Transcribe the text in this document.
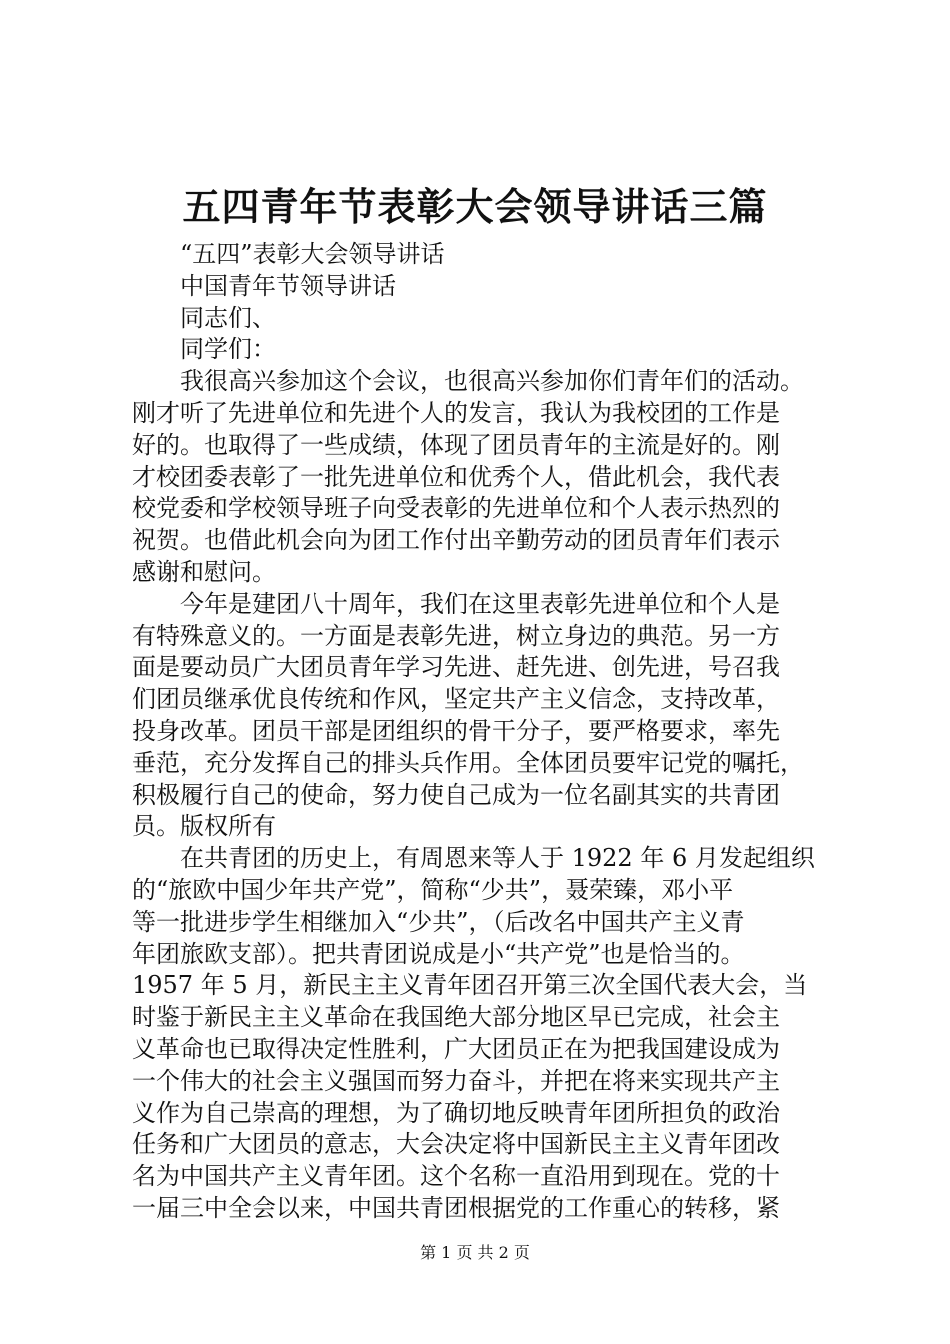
五四青年节表彰大会领导讲话三篇
“五四”表彰大会领导讲话
中国青年节领导讲话
同志们、
同学们：
　　我很高兴参加这个会议，也很高兴参加你们青年们的活动。
刚才听了先进单位和先进个人的发言，我认为我校团的工作是
好的。也取得了一些成绩，体现了团员青年的主流是好的。刚
才校团委表彰了一批先进单位和优秀个人，借此机会，我代表
校党委和学校领导班子向受表彰的先进单位和个人表示热烈的
祝贺。也借此机会向为团工作付出辛勤劳动的团员青年们表示
感谢和慰问。
　　今年是建团八十周年，我们在这里表彰先进单位和个人是
有特殊意义的。一方面是表彰先进，树立身边的典范。另一方
面是要动员广大团员青年学习先进、赶先进、创先进，号召我
们团员继承优良传统和作风，坚定共产主义信念，支持改革，
投身改革。团员干部是团组织的骨干分子，要严格要求，率先
垂范，充分发挥自己的排头兵作用。全体团员要牢记党的嘱托，
积极履行自己的使命，努力使自己成为一位名副其实的共青团
员。版权所有
　　在共青团的历史上，有周恩来等人于 1922 年 6 月发起组织
的“旅欧中国少年共产党”，简称“少共”，聂荣臻，邓小平
等一批进步学生相继加入“少共”，（后改名中国共产主义青
年团旅欧支部）。把共青团说成是小“共产党”也是恰当的。
1957 年 5 月，新民主主义青年团召开第三次全国代表大会，当
时鉴于新民主主义革命在我国绝大部分地区早已完成，社会主
义革命也已取得决定性胜利，广大团员正在为把我国建设成为
一个伟大的社会主义强国而努力奋斗，并把在将来实现共产主
义作为自己崇高的理想，为了确切地反映青年团所担负的政治
任务和广大团员的意志，大会决定将中国新民主主义青年团改
名为中国共产主义青年团。这个名称一直沿用到现在。党的十
一届三中全会以来，中国共青团根据党的工作重心的转移，紧
第 1 页 共 2 页
